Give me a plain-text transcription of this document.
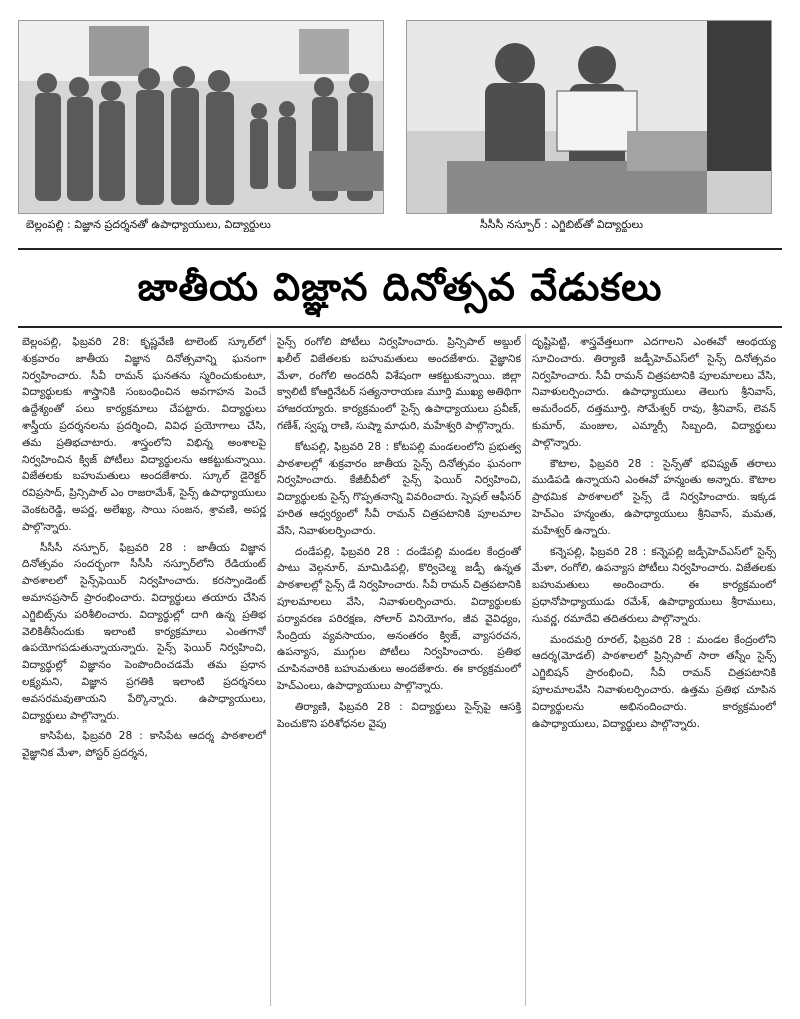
బెల్లంపల్లి : విజ్ఞాన ప్రదర్శనతో ఉపాధ్యాయులు, విద్యార్థులు	సీసీసీ నస్పూర్ : ఎగ్జిబిట్‌తో విద్యార్థులు
జాతీయ విజ్ఞాన దినోత్సవ వేడుకలు

బెల్లంపల్లి, ఫిబ్రవరి 28: కృష్ణవేణి టాలెంట్ స్కూల్‌లో శుక్రవారం జాతీయ విజ్ఞాన దినోత్సవాన్ని ఘనంగా నిర్వహించారు. సీవీ రామన్ ఘనతను స్మరించుకుంటూ, విద్యార్థులకు శాస్త్రానికి సంబంధించిన అవగాహన పెంచే ఉద్దేశ్యంతో పలు కార్యక్రమాలు చేపట్టారు. విద్యార్థులు శాస్త్రీయ ప్రదర్శనలను ప్రదర్శించి, వివిధ ప్రయోగాలు చేసి, తమ ప్రతిభచాటారు. శాస్త్రంలోని విభిన్న అంశాలపై నిర్వహించిన క్విజ్ పోటీలు విద్యార్థులను ఆకట్టుకున్నాయి. విజేతలకు బహుమతులు అందజేశారు. స్కూల్ డైరెక్టర్ రవిప్రసాద్, ప్రిన్సిపాల్ ఎం రాజరామేశ్, సైన్స్ ఉపాధ్యాయులు వెంకటరెడ్డి, అపర్ణ, అలేఖ్య, సాయి సంజన, శ్రావణి, అపర్ణ పాల్గొన్నారు.

సీసీసీ నస్పూర్, ఫిబ్రవరి 28 : జాతీయ విజ్ఞాన దినోత్సవం సందర్భంగా సీసీసీ నస్పూర్‌లోని రేడియంట్ పాఠశాలలో సైన్స్‌ఫెయిర్ నిర్వహించారు. కరస్పాండెంట్ అమానప్రసాద్ ప్రారంభించారు. విద్యార్థులు తయారు చేసిన ఎగ్జిబిట్స్‌ను పరిశీలించారు. విద్యార్థుల్లో దాగి ఉన్న ప్రతిభ వెలికితీసేందుకు ఇలాంటి కార్యక్రమాలు ఎంతగానో ఉపయోగపడుతున్నాయన్నారు. సైన్స్ ఫెయిర్ నిర్వహించి, విద్యార్థుల్లో విజ్ఞానం పెంపొందించడమే తమ ప్రధాన లక్ష్యమని, విజ్ఞాన ప్రగతికి ఇలాంటి ప్రదర్శనలు అవసరమవుతాయని పేర్కొన్నారు. ఉపాధ్యాయులు, విద్యార్థులు పాల్గొన్నారు.

కాసిపేట, ఫిబ్రవరి 28 : కాసిపేట ఆదర్శ పాఠశాలలో వైజ్ఞానిక మేళా, పోస్టర్ ప్రదర్శన,

సైన్స్ రంగోలి పోటీలు నిర్వహించారు. ప్రిన్సిపాల్ అబ్దుల్ ఖలీల్ విజేతలకు బహుమతులు అందజేశారు. వైజ్ఞానిక మేళా, రంగోలి అందరినీ విశేషంగా ఆకట్టుకున్నాయి. జిల్లా క్వాలిటీ కోఆర్డినేటర్ సత్యనారాయణ మూర్తి ముఖ్య అతిథిగా హాజరయ్యారు. కార్యక్రమంలో సైన్స్ ఉపాధ్యాయులు ప్రవీణ్, గణేశ్, స్వప్న రాణి, సుష్మా మాధురి, మహేశ్వరి పాల్గొన్నారు.

కోటపల్లి, ఫిబ్రవరి 28 : కోటపల్లి మండలంలోని ప్రభుత్వ పాఠశాలల్లో శుక్రవారం జాతీయ సైన్స్ దినోత్సవం ఘనంగా నిర్వహించారు. కేజీబీవీలో సైన్స్ ఫెయిర్ నిర్వహించి, విద్యార్థులకు సైన్స్ గొప్పతనాన్ని వివరించారు. స్పెషల్ ఆఫీసర్ హరిత ఆధ్వర్యంలో సీవీ రామన్ చిత్రపటానికి పూలమాల వేసి, నివాళులర్పించారు.

దండేపల్లి, ఫిబ్రవరి 28 : దండేపల్లి మండల కేంద్రంతో పాటు వెల్గనూర్, మామిడిపల్లి, కొర్విచెల్మ జడ్పీ ఉన్నత పాఠశాలల్లో సైన్స్ డే నిర్వహించారు. సీవీ రామన్ చిత్రపటానికి పూలమాలలు వేసి, నివాళులర్పించారు. విద్యార్థులకు పర్యావరణ పరిరక్షణ, సోలార్ వినియోగం, జీవ వైవిధ్యం, సేంద్రియ వ్యవసాయం, అనంతరం క్విజ్, వ్యాసరచన, ఉపన్యాస, ముగ్గుల పోటీలు నిర్వహించారు. ప్రతిభ చూపినవారికి బహుమతులు అందజేశారు. ఈ కార్యక్రమంలో హెచ్ఎంలు, ఉపాధ్యాయులు పాల్గొన్నారు.

తిర్యాణి, ఫిబ్రవరి 28 : విద్యార్థులు సైన్స్‌పై ఆసక్తి పెంచుకొని పరిశోధనల వైపు

దృష్టిపెట్టి, శాస్త్రవేత్తలుగా ఎదగాలని ఎంఈవో ఆంథయ్య సూచించారు. తిర్యాణి జడ్పీహెచ్ఎస్‌లో సైన్స్ దినోత్సవం నిర్వహించారు. సీవీ రామన్ చిత్రపటానికి పూలమాలలు వేసి, నివాళులర్పించారు. ఉపాధ్యాయులు తెలుగు శ్రీనివాస్, అమరేందర్, దత్తమూర్తి, సోమేశ్వర్ రావు, శ్రీనివాస్, లెవన్ కుమార్, మంజుల, ఎమ్మార్సీ సిబ్బంది, విద్యార్థులు పాల్గొన్నారు.

కౌటాల, ఫిబ్రవరి 28 : సైన్స్‌తో భవిష్యత్ తరాలు ముడిపడి ఉన్నాయని ఎంఈవో హన్మంతు అన్నారు. కౌటాల ప్రాథమిక పాఠశాలలో సైన్స్ డే నిర్వహించారు. ఇక్కడ హెచ్ఎం హన్మంతు, ఉపాధ్యాయులు శ్రీనివాస్, మమత, మహేశ్వర్ ఉన్నారు.

కన్నెపల్లి, ఫిబ్రవరి 28 : కన్నెపల్లి జడ్పీహెచ్ఎస్‌లో సైన్స్ మేళా, రంగోలి, ఉపన్యాస పోటీలు నిర్వహించారు. విజేతలకు బహుమతులు అందించారు. ఈ కార్యక్రమంలో ప్రధానోపాధ్యాయుడు రమేశ్, ఉపాధ్యాయులు శ్రీరాములు, సువర్ణ, రమాదేవి తదితరులు పాల్గొన్నారు.

మందమర్రి రూరల్, ఫిబ్రవరి 28 : మండల కేంద్రంలోని ఆదర్శ(మోడల్) పాఠశాలలో ప్రిన్సిపాల్ సారా తస్నీం సైన్స్ ఎగ్జిబిషన్ ప్రారంభించి, సీవీ రామన్ చిత్రపటానికి పూలమాలవేసి నివాళులర్పించారు. ఉత్తమ ప్రతిభ చూపిన విద్యార్థులను అభినందించారు. కార్యక్రమంలో ఉపాధ్యాయులు, విద్యార్థులు పాల్గొన్నారు.
